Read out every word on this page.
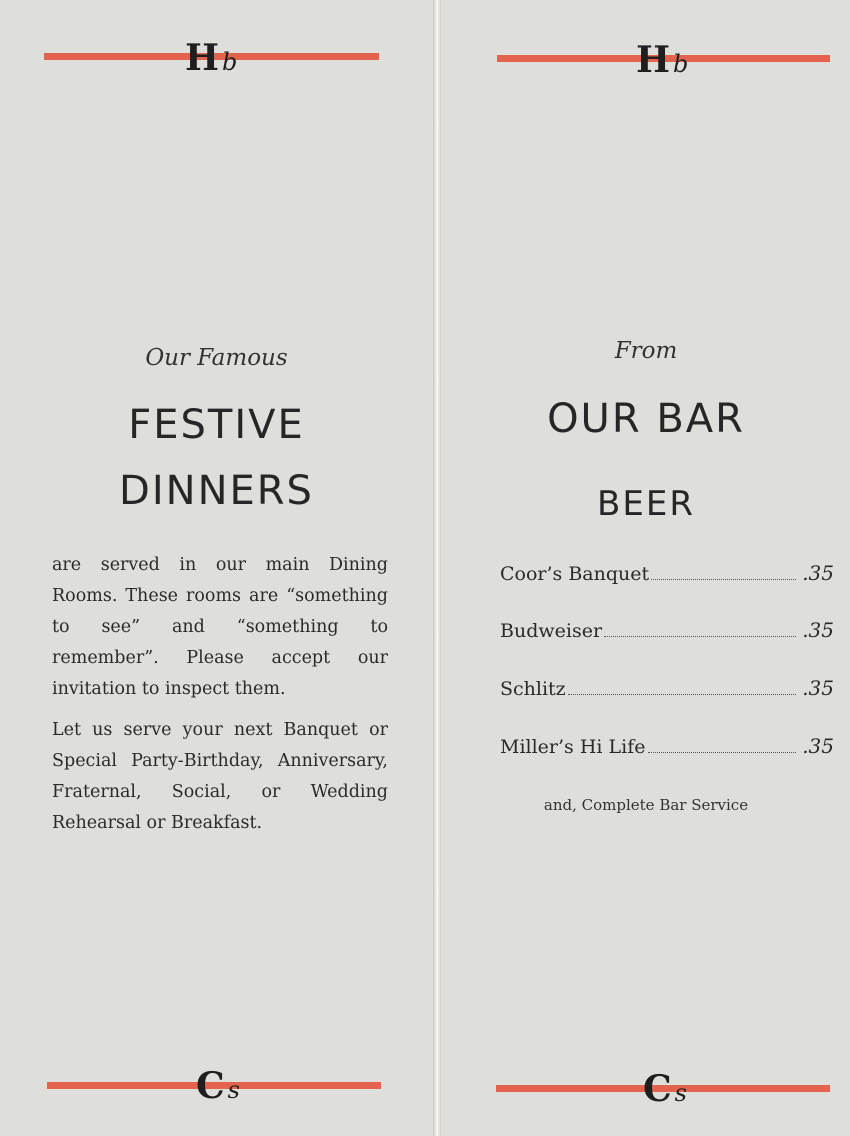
Hb
Our Famous
FESTIVE
DINNERS

are served in our main Dining Rooms. These rooms are “something to see” and “something to remember”. Please accept our invitation to inspect them.

Let us serve your next Banquet or Special Party-Birthday, Anniversary, Fraternal, Social, or Wedding Rehearsal or Breakfast.

Cs
Hb
From
OUR BAR
BEER
Coor’s Banquet	.35
Budweiser	.35
Schlitz	.35
Miller’s Hi Life	.35
and, Complete Bar Service
Cs
